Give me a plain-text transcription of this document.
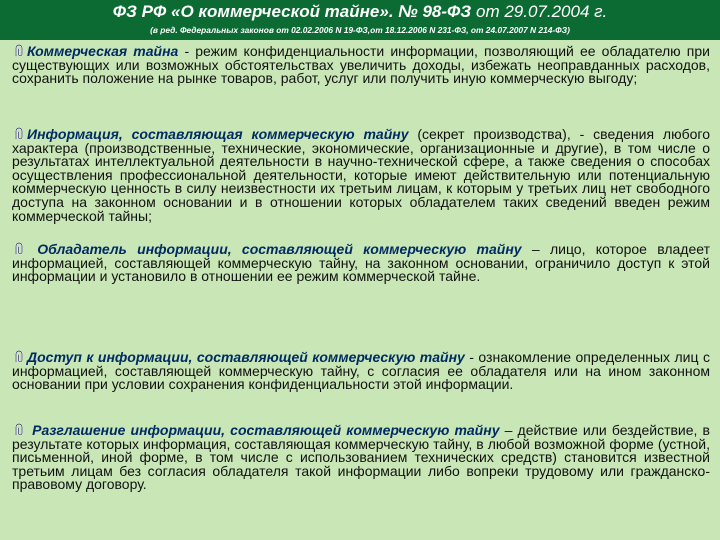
ФЗ РФ «О коммерческой тайне». № 98-ФЗ от 29.07.2004 г.
(в ред. Федеральных законов от 02.02.2006 N 19-ФЗ,от 18.12.2006 N 231-ФЗ, от 24.07.2007 N 214-ФЗ)
Коммерческая тайна - режим конфиденциальности информации, позволяющий ее обладателю при существующих или возможных обстоятельствах увеличить доходы, избежать неоправданных расходов, сохранить положение на рынке товаров, работ, услуг или получить иную коммерческую выгоду;
Информация, составляющая коммерческую тайну (секрет производства), - сведения любого характера (производственные, технические, экономические, организационные и другие), в том числе о результатах интеллектуальной деятельности в научно-технической сфере, а также сведения о способах осуществления профессиональной деятельности, которые имеют действительную или потенциальную коммерческую ценность в силу неизвестности их третьим лицам, к которым у третьих лиц нет свободного доступа на законном основании и в отношении которых обладателем таких сведений введен режим коммерческой тайны;
Обладатель информации, составляющей коммерческую тайну – лицо, которое владеет информацией, составляющей коммерческую тайну, на законном основании, ограничило доступ к этой информации и установило в отношении ее режим коммерческой тайне.
Доступ к информации, составляющей коммерческую тайну - ознакомление определенных лиц с информацией, составляющей коммерческую тайну, с согласия ее обладателя или на ином законном основании при условии сохранения конфиденциальности этой информации.
Разглашение информации, составляющей коммерческую тайну – действие или бездействие, в результате которых информация, составляющая коммерческую тайну, в любой возможной форме (устной, письменной, иной форме, в том числе с использованием технических средств) становится известной третьим лицам без согласия обладателя такой информации либо вопреки трудовому или гражданско-правовому договору.
